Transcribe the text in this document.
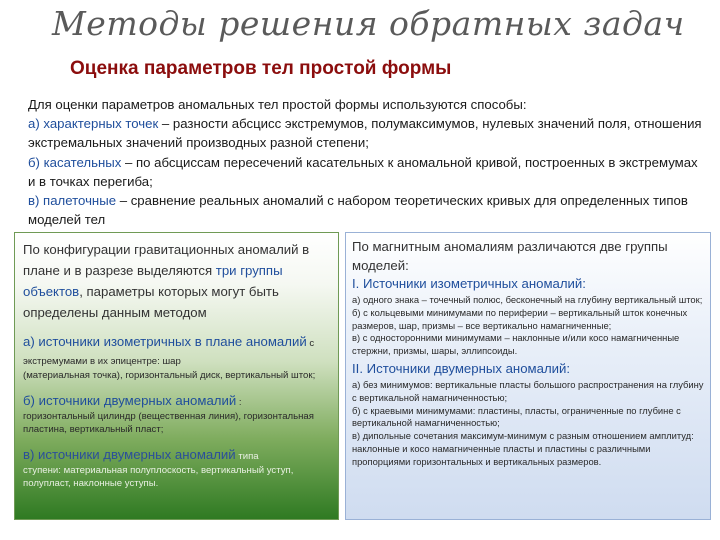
Методы решения обратных задач
Оценка параметров тел простой формы
Для оценки параметров аномальных тел простой формы используются способы:
а) характерных точек – разности абсцисс экстремумов, полумаксимумов, нулевых значений поля, отношения экстремальных значений производных разной степени;
б) касательных – по абсциссам пересечений касательных к аномальной кривой, построенных в экстремумах и в точках перегиба;
в) палеточные – сравнение реальных аномалий с набором теоретических кривых для определенных типов моделей тел
По конфигурации гравитационных аномалий в плане и в разрезе выделяются три группы объектов, параметры которых могут быть определены данным методом
а) источники изометричных в плане аномалий с экстремумами в их эпицентре: шар
(материальная точка), горизонтальный диск, вертикальный шток;
б) источники двумерных аномалий :
горизонтальный цилиндр (вещественная линия), горизонтальная пластина, вертикальный пласт;
в) источники двумерных аномалий типа
ступени: материальная полуплоскость, вертикальный уступ, полупласт, наклонные уступы.
По магнитным аномалиям различаются две группы моделей:
I. Источники изометричных аномалий:
а) одного знака – точечный полюс, бесконечный на глубину вертикальный шток;
б) с кольцевыми минимумами по периферии – вертикальный шток конечных размеров, шар, призмы – все вертикально намагниченные;
в) с односторонними минимумами – наклонные и/или косо намагниченные стержни, призмы, шары, эллипсоиды.
II. Источники двумерных аномалий:
а) без минимумов: вертикальные пласты большого распространения на глубину с вертикальной намагниченностью;
б) с краевыми минимумами: пластины, пласты, ограниченные по глубине с вертикальной намагниченностью;
в) дипольные сочетания максимум-минимум с разным отношением амплитуд: наклонные и косо намагниченные пласты и пластины с различными пропорциями горизонтальных и вертикальных размеров.
